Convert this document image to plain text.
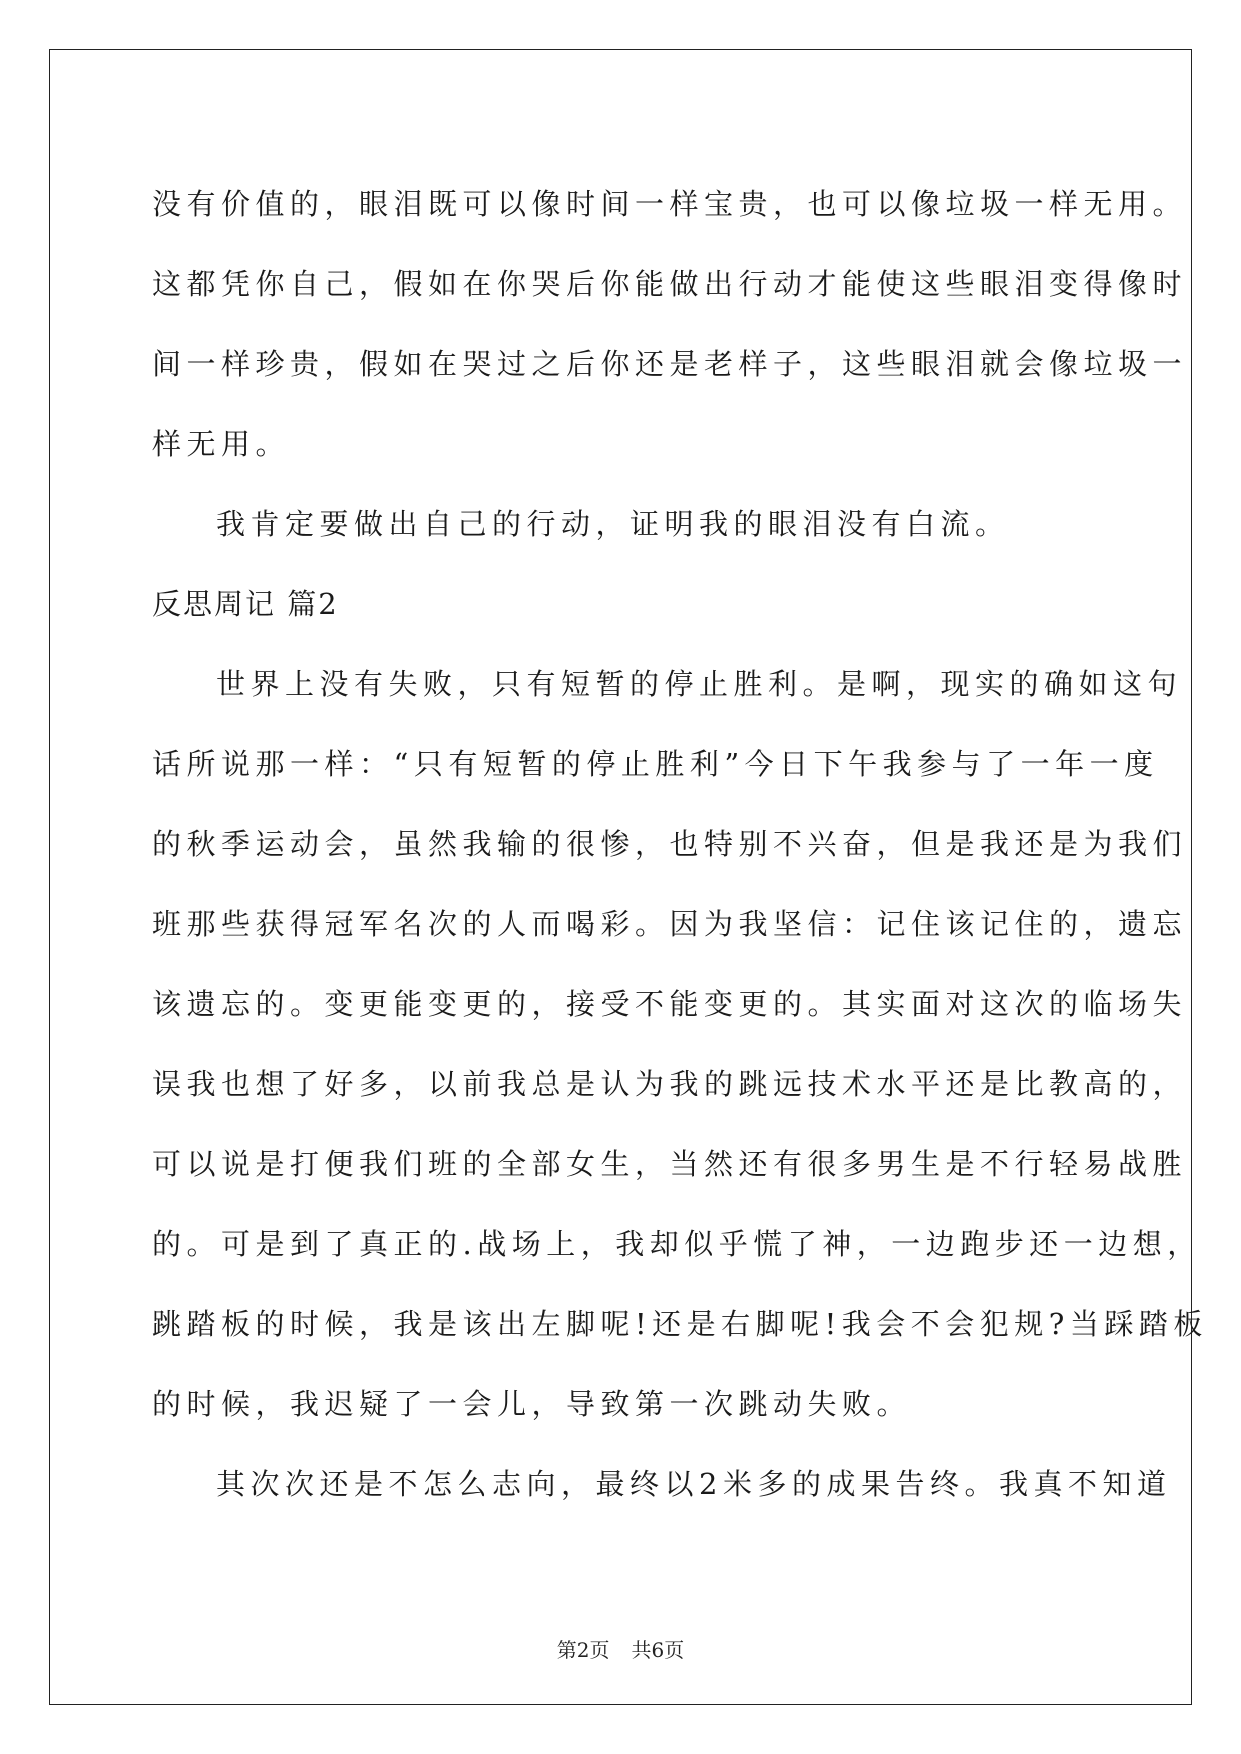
没有价值的，眼泪既可以像时间一样宝贵，也可以像垃圾一样无用。
这都凭你自己，假如在你哭后你能做出行动才能使这些眼泪变得像时
间一样珍贵，假如在哭过之后你还是老样子，这些眼泪就会像垃圾一
样无用。
我肯定要做出自己的行动，证明我的眼泪没有白流。
反思周记 篇2
世界上没有失败，只有短暂的停止胜利。是啊，现实的确如这句
话所说那一样：“只有短暂的停止胜利”今日下午我参与了一年一度
的秋季运动会，虽然我输的很惨，也特别不兴奋，但是我还是为我们
班那些获得冠军名次的人而喝彩。因为我坚信：记住该记住的，遗忘
该遗忘的。变更能变更的，接受不能变更的。其实面对这次的临场失
误我也想了好多，以前我总是认为我的跳远技术水平还是比教高的，
可以说是打便我们班的全部女生，当然还有很多男生是不行轻易战胜
的。可是到了真正的.战场上，我却似乎慌了神，一边跑步还一边想，
跳踏板的时候，我是该出左脚呢!还是右脚呢!我会不会犯规?当踩踏板
的时候，我迟疑了一会儿，导致第一次跳动失败。
其次次还是不怎么志向，最终以2米多的成果告终。我真不知道
第2页 共6页
